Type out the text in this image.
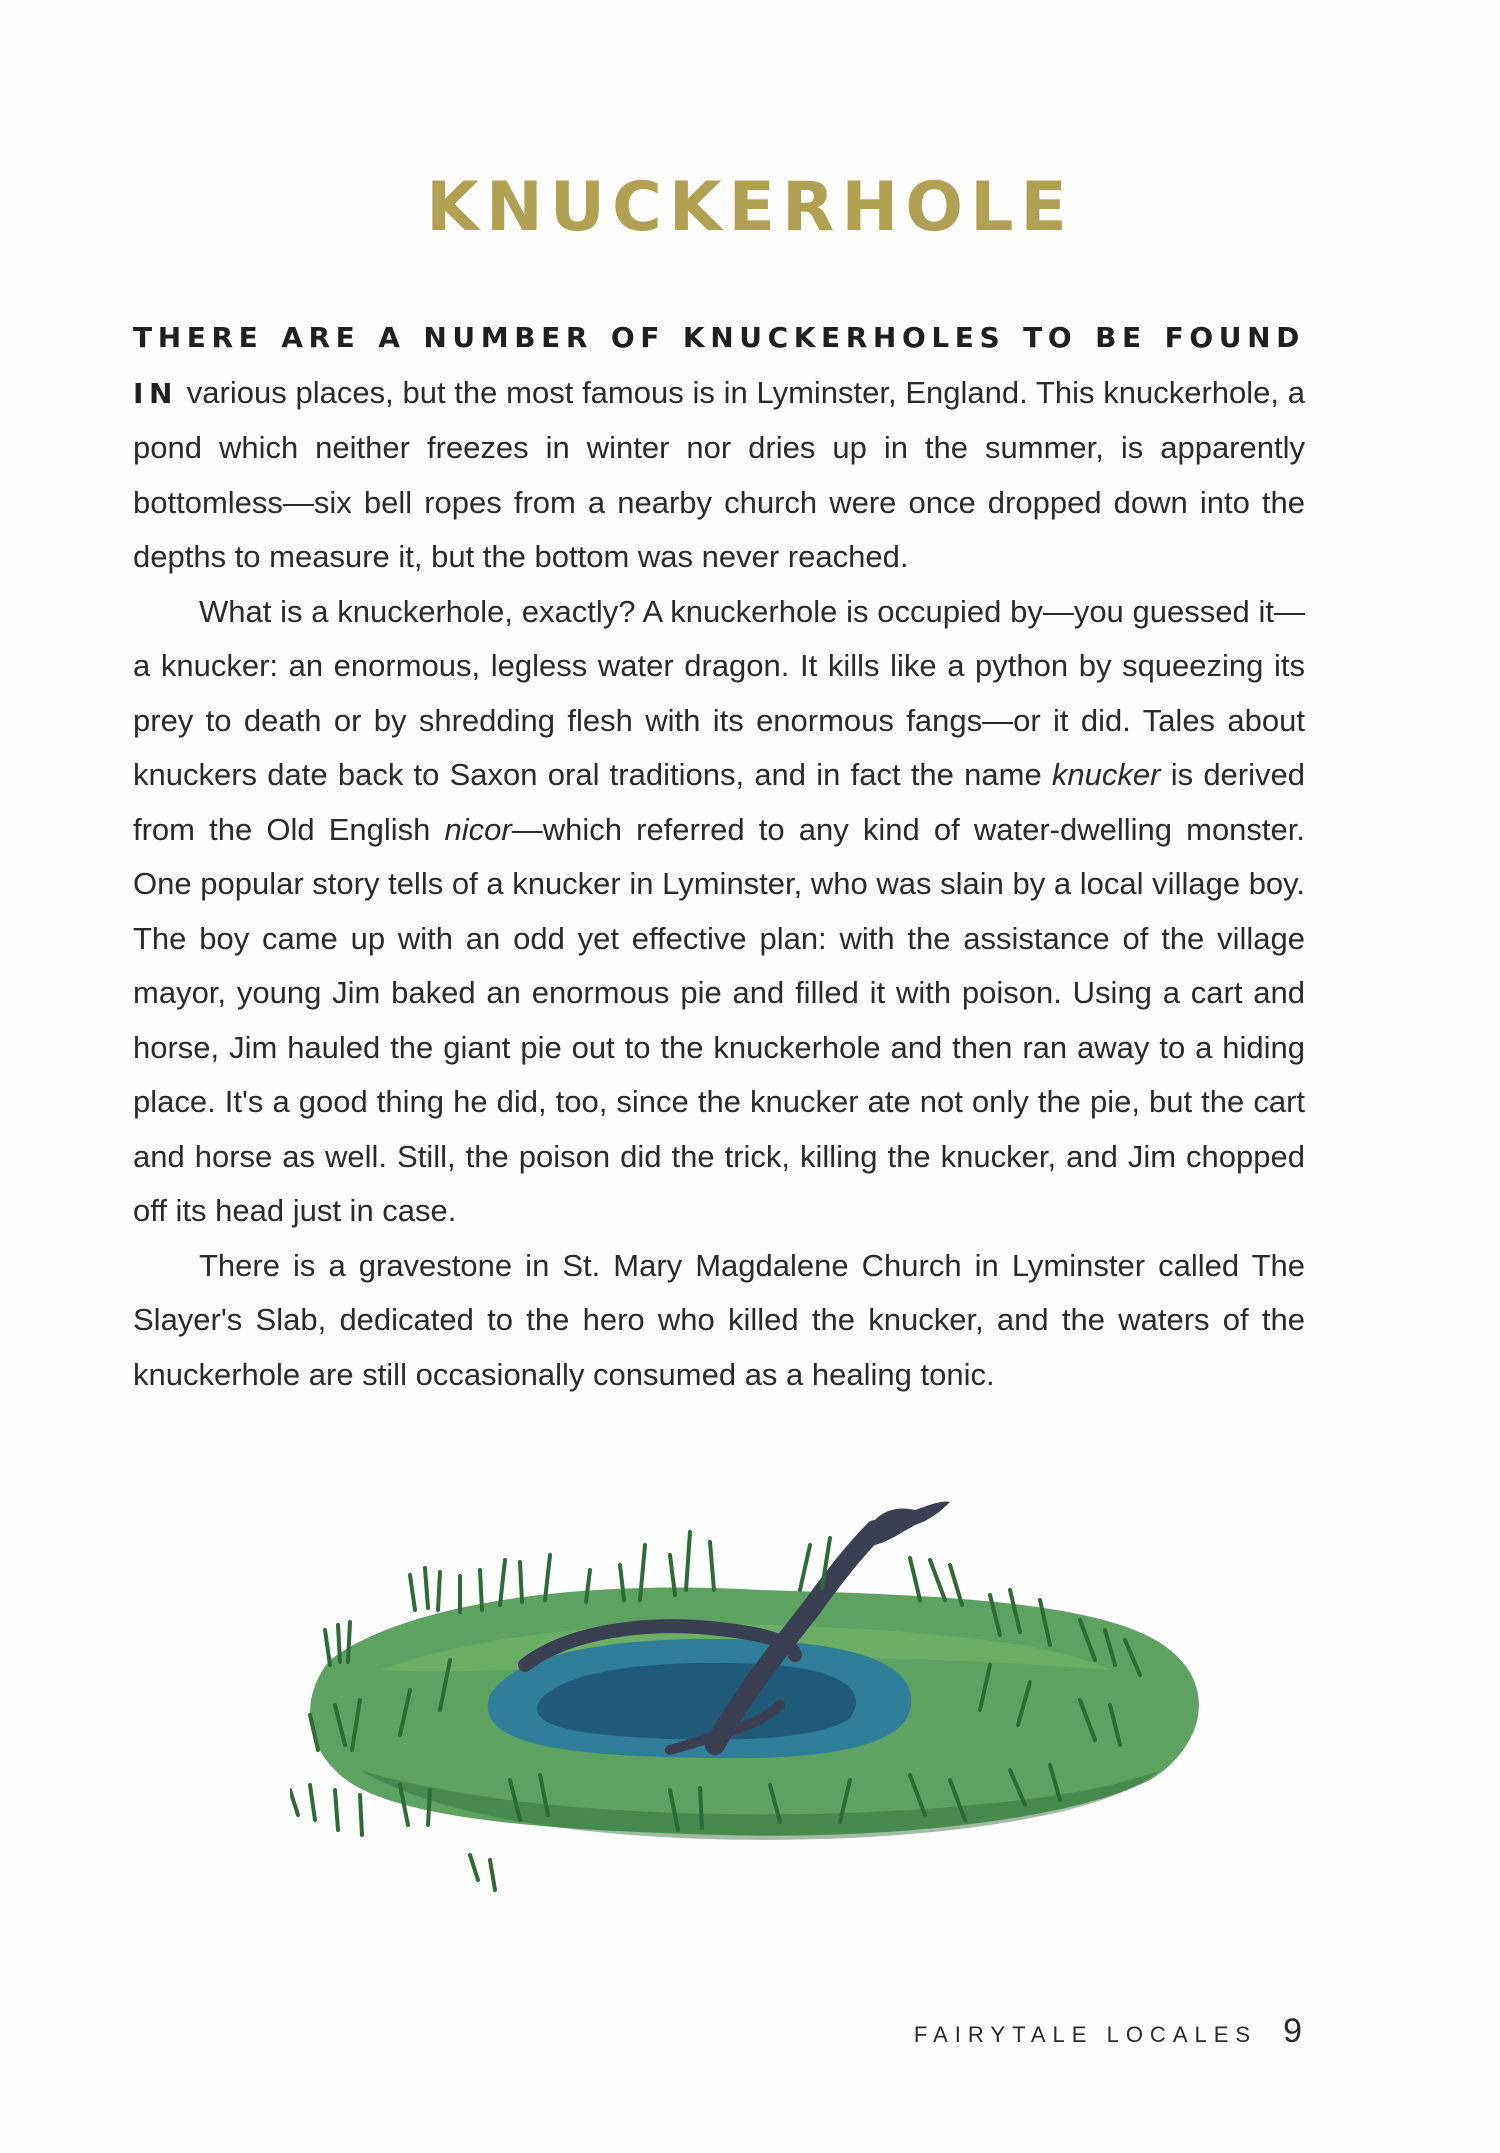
KNUCKERHOLE

THERE ARE A NUMBER OF KNUCKERHOLES TO BE FOUND IN various places, but the most famous is in Lyminster, England. This knuckerhole, a pond which neither freezes in winter nor dries up in the summer, is apparently bottomless—six bell ropes from a nearby church were once dropped down into the depths to measure it, but the bottom was never reached.

What is a knuckerhole, exactly? A knuckerhole is occupied by—you guessed it—a knucker: an enormous, legless water dragon. It kills like a python by squeezing its prey to death or by shredding flesh with its enormous fangs—or it did. Tales about knuckers date back to Saxon oral traditions, and in fact the name knucker is derived from the Old English nicor—which referred to any kind of water-dwelling monster. One popular story tells of a knucker in Lyminster, who was slain by a local village boy. The boy came up with an odd yet effective plan: with the assistance of the village mayor, young Jim baked an enormous pie and filled it with poison. Using a cart and horse, Jim hauled the giant pie out to the knuckerhole and then ran away to a hiding place. It's a good thing he did, too, since the knucker ate not only the pie, but the cart and horse as well. Still, the poison did the trick, killing the knucker, and Jim chopped off its head just in case.

There is a gravestone in St. Mary Magdalene Church in Lyminster called The Slayer's Slab, dedicated to the hero who killed the knucker, and the waters of the knuckerhole are still occasionally consumed as a healing tonic.

FAIRYTALE LOCALES 9
